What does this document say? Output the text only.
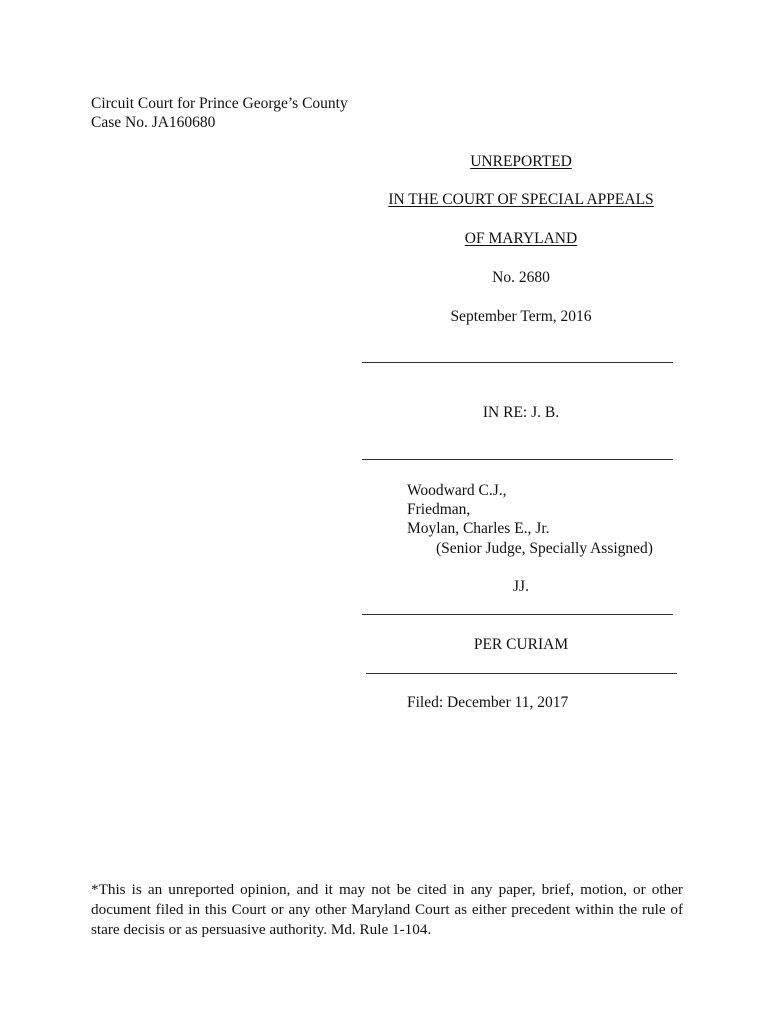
Circuit Court for Prince George’s County
Case No. JA160680
UNREPORTED
IN THE COURT OF SPECIAL APPEALS
OF MARYLAND
No. 2680
September Term, 2016
IN RE: J. B.
Woodward C.J.,
Friedman,
Moylan, Charles E., Jr.
(Senior Judge, Specially Assigned)
JJ.
PER CURIAM
Filed: December 11, 2017
*This is an unreported opinion, and it may not be cited in any paper, brief, motion, or other document filed in this Court or any other Maryland Court as either precedent within the rule of stare decisis or as persuasive authority. Md. Rule 1-104.
